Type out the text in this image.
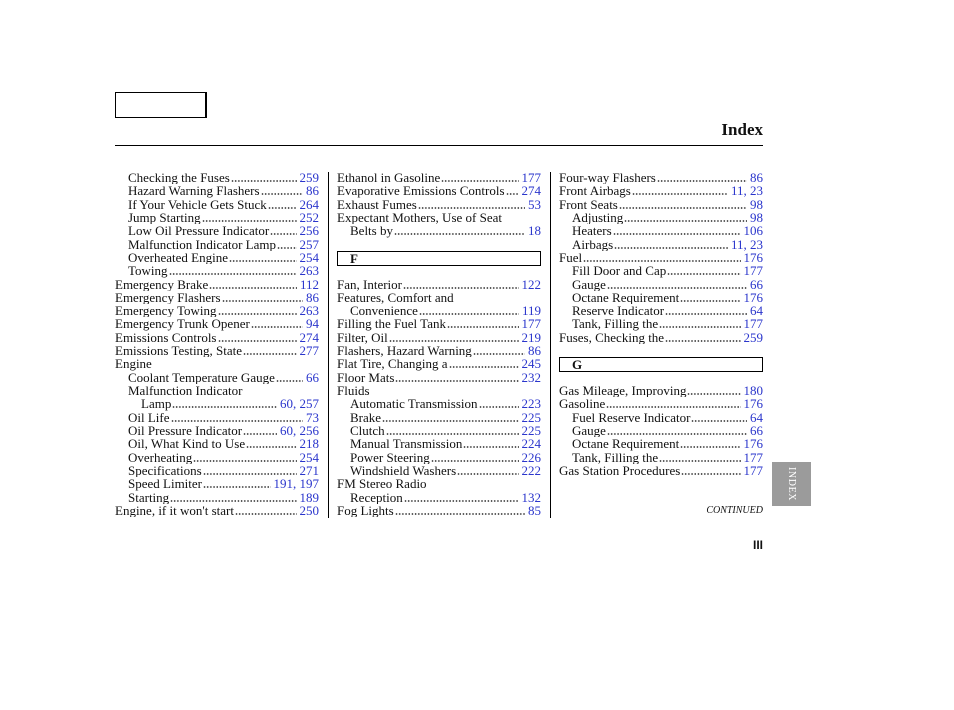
Index
Checking the Fuses	259
Hazard Warning Flashers	86
If Your Vehicle Gets Stuck	264
Jump Starting	252
Low Oil Pressure Indicator 256
Malfunction Indicator Lamp 257
Overheated Engine	254
Towing	263
Emergency Brake	112
Emergency Flashers	86
Emergency Towing	263
Emergency Trunk Opener	94
Emissions Controls	274
Emissions Testing, State	277
Engine
Coolant Temperature Gauge 66
Malfunction Indicator
Lamp	60, 257
Oil Life	73
Oil Pressure Indicator	60, 256
Oil, What Kind to Use	218
Overheating	254
Specifications	271
Speed Limiter	191, 197
Starting	189
Engine, if it won't start	250
Ethanol in Gasoline	177
Evaporative Emissions Controls 274
Exhaust Fumes	53
Expectant Mothers, Use of Seat
Belts by	18
F
Fan, Interior	122
Features, Comfort and
Convenience	119
Filling the Fuel Tank	177
Filter, Oil	219
Flashers, Hazard Warning	86
Flat Tire, Changing a	245
Floor Mats	232
Fluids
Automatic Transmission	223
Brake	225
Clutch	225
Manual Transmission	224
Power Steering	226
Windshield Washers	222
FM Stereo Radio
Reception	132
Fog Lights	85
Four-way Flashers	86
Front Airbags	11, 23
Front Seats	98
Adjusting	98
Heaters	106
Airbags	11, 23
Fuel	176
Fill Door and Cap	177
Gauge	66
Octane Requirement	176
Reserve Indicator	64
Tank, Filling the	177
Fuses, Checking the	259
G
Gas Mileage, Improving	180
Gasoline	176
Fuel Reserve Indicator	64
Gauge	66
Octane Requirement	176
Tank, Filling the	177
Gas Station Procedures	177
CONTINUED
III
INDEX
